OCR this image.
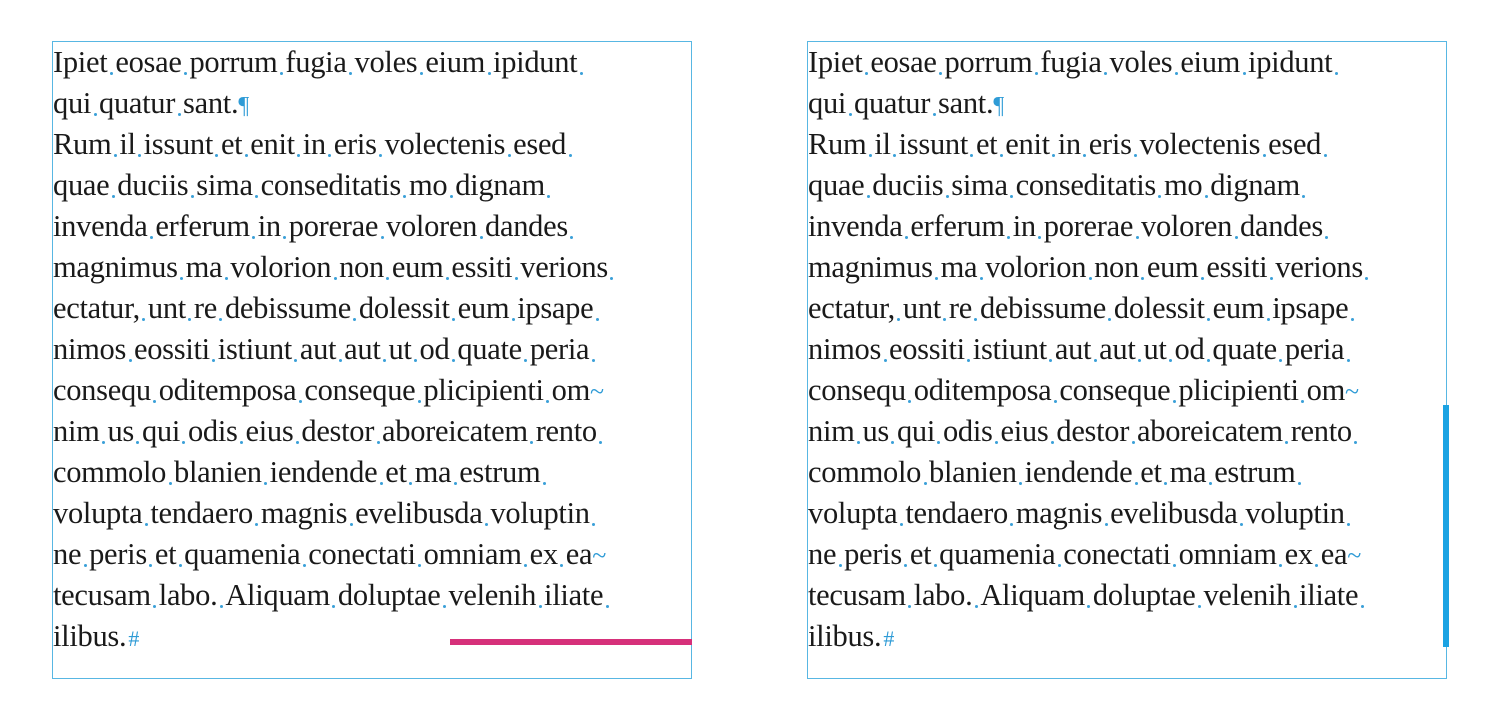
Ipiet eosae porrum fugia voles eium ipidunt
qui quatur sant.¶
Rum il issunt et enit in eris volectenis esed
quae duciis sima conseditatis mo dignam
invenda erferum in porerae voloren dandes
magnimus ma volorion non eum essiti verions
ectatur, unt re debissume dolessit eum ipsape
nimos eossiti istiunt aut aut ut od quate peria
consequ oditemposa conseque plicipienti om~
nim us qui odis eius destor aboreicatem rento
commolo blanien iendende et ma estrum
volupta tendaero magnis evelibusda voluptin
ne peris et quamenia conectati omniam ex ea~
tecusam labo. Aliquam doluptae velenih iliate
ilibus.#
Ipiet eosae porrum fugia voles eium ipidunt
qui quatur sant.¶
Rum il issunt et enit in eris volectenis esed
quae duciis sima conseditatis mo dignam
invenda erferum in porerae voloren dandes
magnimus ma volorion non eum essiti verions
ectatur, unt re debissume dolessit eum ipsape
nimos eossiti istiunt aut aut ut od quate peria
consequ oditemposa conseque plicipienti om~
nim us qui odis eius destor aboreicatem rento
commolo blanien iendende et ma estrum
volupta tendaero magnis evelibusda voluptin
ne peris et quamenia conectati omniam ex ea~
tecusam labo. Aliquam doluptae velenih iliate
ilibus.#
